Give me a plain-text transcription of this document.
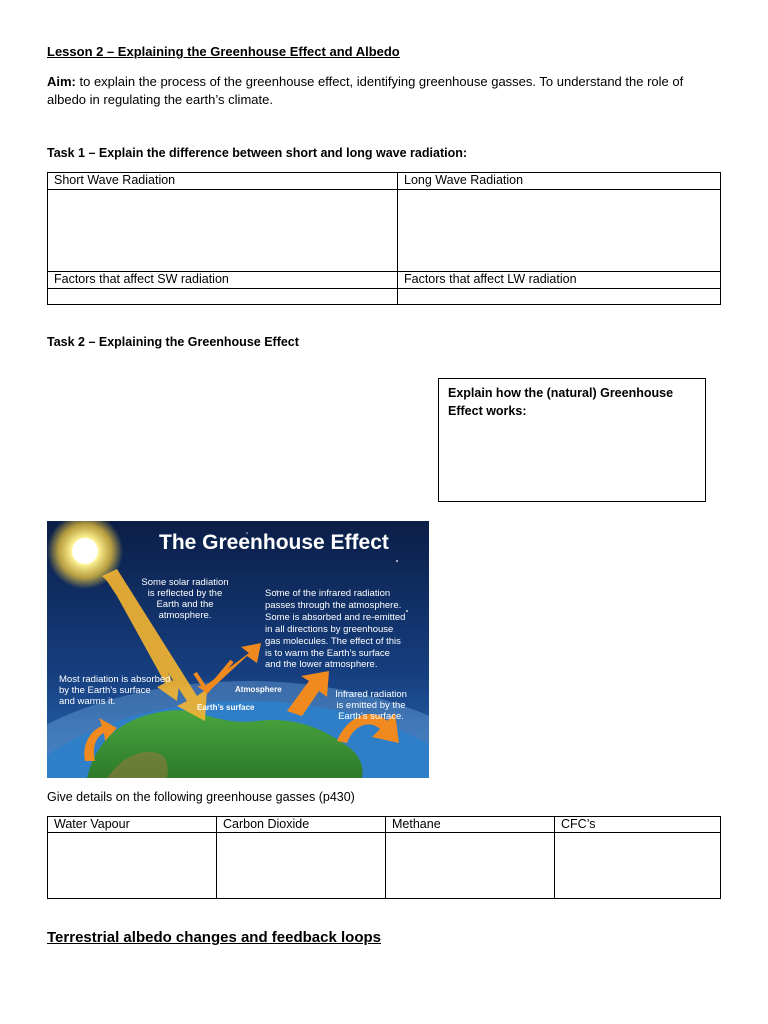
Lesson 2 – Explaining the Greenhouse Effect and Albedo
Aim: to explain the process of the greenhouse effect, identifying greenhouse gasses. To understand the role of albedo in regulating the earth’s climate.
Task 1 – Explain the difference between short and long wave radiation:
Short Wave Radiation	Long Wave Radiation

Factors that affect SW radiation	Factors that affect LW radiation

Task 2 – Explaining the Greenhouse Effect
Explain how the (natural) Greenhouse Effect works:
The Greenhouse Effect
Some solar radiation
is reflected by the
Earth and the
atmosphere.
Some of the infrared radiation
passes through the atmosphere.
Some is absorbed and re-emitted
in all directions by greenhouse
gas molecules. The effect of this
is to warm the Earth’s surface
and the lower atmosphere.
Most radiation is absorbed
by the Earth’s surface
and warms it.
Atmosphere
Earth’s surface
Infrared radiation
is emitted by the
Earth’s surface.
Give details on the following greenhouse gasses (p430)
Water Vapour	Carbon Dioxide	Methane	CFC’s

Terrestrial albedo changes and feedback loops
